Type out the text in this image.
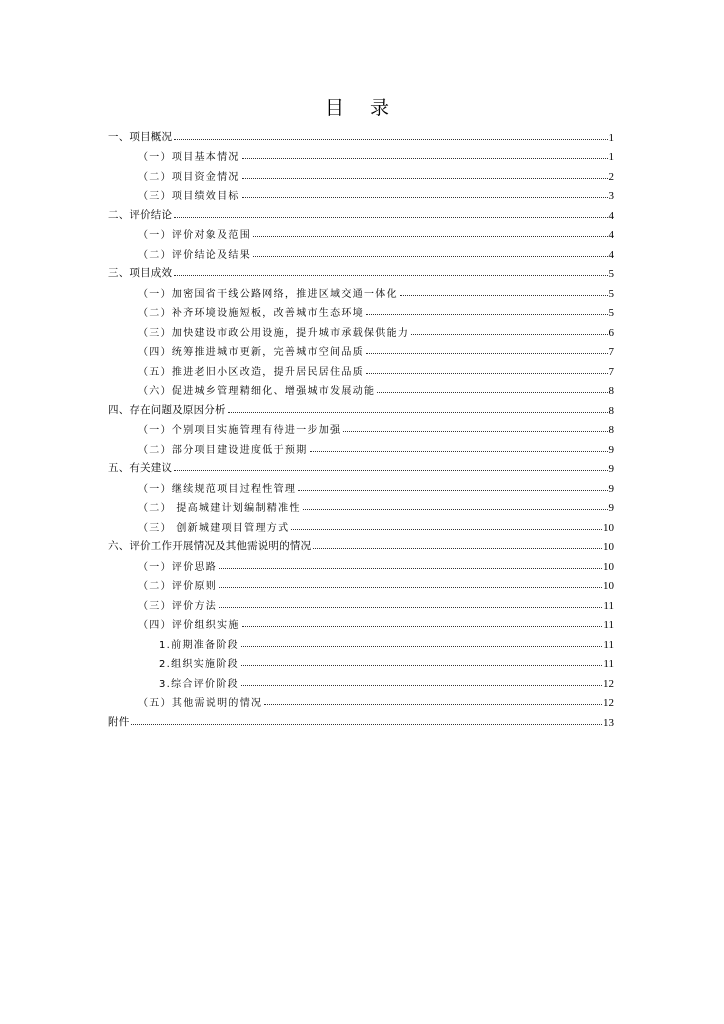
目 录
一、项目概况	1
（一）项目基本情况	1
（二）项目资金情况	2
（三）项目绩效目标	3
二、评价结论	4
（一）评价对象及范围	4
（二）评价结论及结果	4
三、项目成效	5
（一）加密国省干线公路网络，推进区域交通一体化	5
（二）补齐环境设施短板，改善城市生态环境	5
（三）加快建设市政公用设施，提升城市承载保供能力	6
（四）统筹推进城市更新，完善城市空间品质	7
（五）推进老旧小区改造，提升居民居住品质	7
（六）促进城乡管理精细化、增强城市发展动能	8
四、存在问题及原因分析	8
（一）个别项目实施管理有待进一步加强	8
（二）部分项目建设进度低于预期	9
五、有关建议	9
（一）继续规范项目过程性管理	9
（二） 提高城建计划编制精准性	9
（三） 创新城建项目管理方式	10
六、评价工作开展情况及其他需说明的情况	10
（一）评价思路	10
（二）评价原则	10
（三）评价方法	11
（四）评价组织实施	11
1.前期准备阶段	11
2.组织实施阶段	11
3.综合评价阶段	12
（五）其他需说明的情况	12
附件	13
